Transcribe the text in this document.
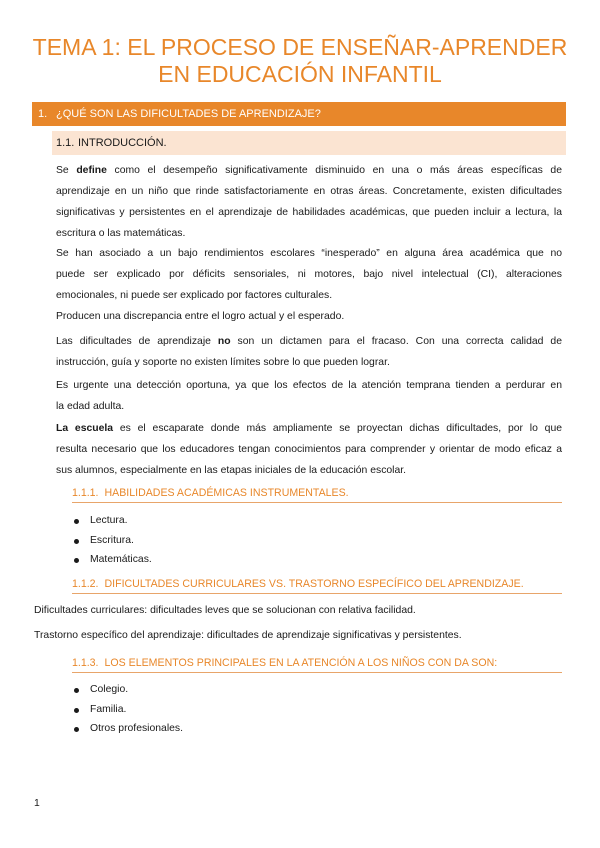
TEMA 1: EL PROCESO DE ENSEÑAR-APRENDER
EN EDUCACIÓN INFANTIL
1. ¿QUÉ SON LAS DIFICULTADES DE APRENDIZAJE?
1.1. INTRODUCCIÓN.
Se define como el desempeño significativamente disminuido en una o más áreas específicas de
aprendizaje en un niño que rinde satisfactoriamente en otras áreas. Concretamente, existen dificultades
significativas y persistentes en el aprendizaje de habilidades académicas, que pueden incluir a lectura, la
escritura o las matemáticas.
Se han asociado a un bajo rendimientos escolares “inesperado” en alguna área académica que no
puede ser explicado por déficits sensoriales, ni motores, bajo nivel intelectual (CI), alteraciones
emocionales, ni puede ser explicado por factores culturales.
Producen una discrepancia entre el logro actual y el esperado.
Las dificultades de aprendizaje no son un dictamen para el fracaso. Con una correcta calidad de
instrucción, guía y soporte no existen límites sobre lo que pueden lograr.
Es urgente una detección oportuna, ya que los efectos de la atención temprana tienden a perdurar en
la edad adulta.
La escuela es el escaparate donde más ampliamente se proyectan dichas dificultades, por lo que
resulta necesario que los educadores tengan conocimientos para comprender y orientar de modo eficaz a
sus alumnos, especialmente en las etapas iniciales de la educación escolar.
1.1.1. HABILIDADES ACADÉMICAS INSTRUMENTALES.
Lectura.
Escritura.
Matemáticas.
1.1.2. DIFICULTADES CURRICULARES VS. TRASTORNO ESPECÍFICO DEL APRENDIZAJE.
Dificultades curriculares: dificultades leves que se solucionan con relativa facilidad.
Trastorno específico del aprendizaje: dificultades de aprendizaje significativas y persistentes.
1.1.3. LOS ELEMENTOS PRINCIPALES EN LA ATENCIÓN A LOS NIÑOS CON DA SON:
Colegio.
Familia.
Otros profesionales.
1
